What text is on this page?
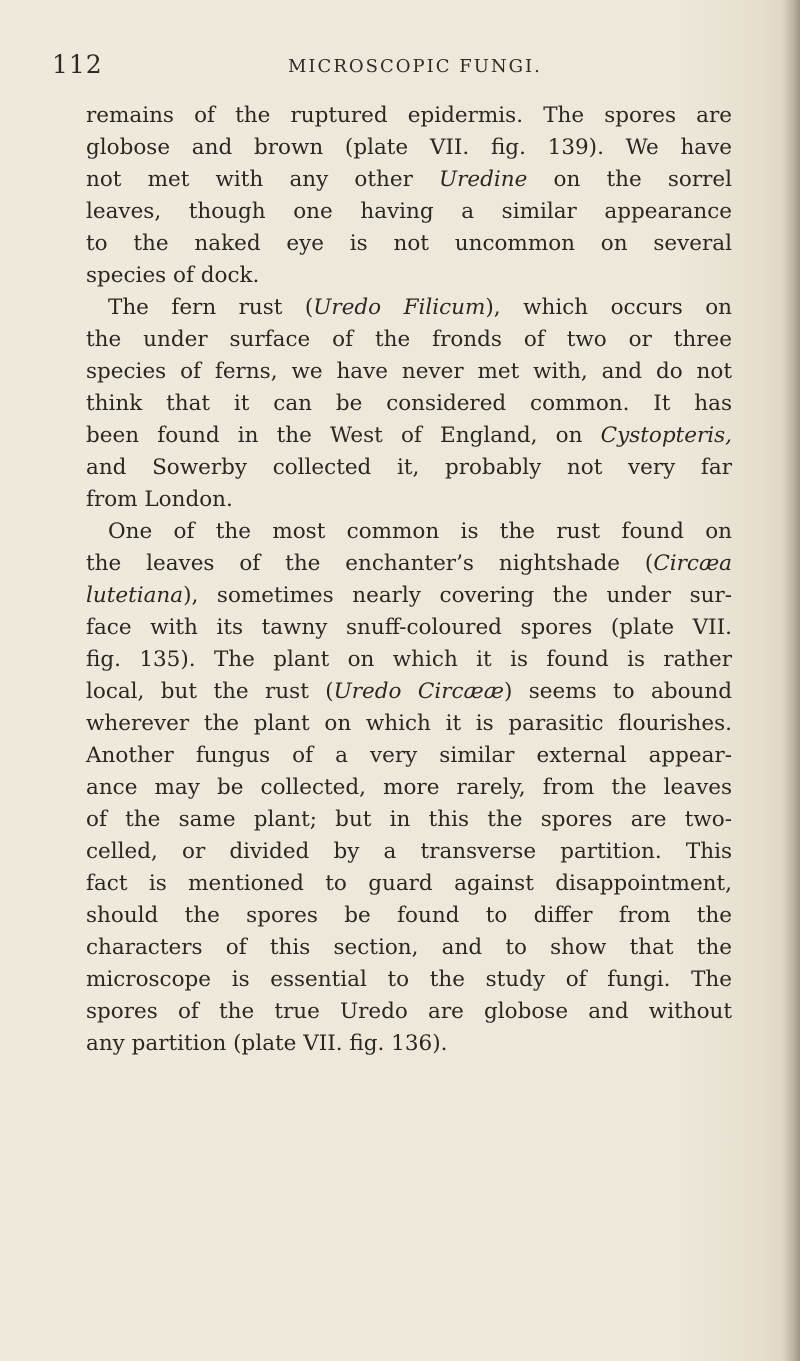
112	MICROSCOPIC FUNGI.
remains of the ruptured epidermis. The spores are
globose and brown (plate VII. fig. 139). We have
not met with any other Uredine on the sorrel
leaves, though one having a similar appearance
to the naked eye is not uncommon on several
species of dock.
The fern rust (Uredo Filicum), which occurs on
the under surface of the fronds of two or three
species of ferns, we have never met with, and do not
think that it can be considered common. It has
been found in the West of England, on Cystopteris,
and Sowerby collected it, probably not very far
from London.
One of the most common is the rust found on
the leaves of the enchanter’s nightshade (Circæa
lutetiana), sometimes nearly covering the under sur-
face with its tawny snuff-coloured spores (plate VII.
fig. 135). The plant on which it is found is rather
local, but the rust (Uredo Circææ) seems to abound
wherever the plant on which it is parasitic flourishes.
Another fungus of a very similar external appear-
ance may be collected, more rarely, from the leaves
of the same plant; but in this the spores are two-
celled, or divided by a transverse partition. This
fact is mentioned to guard against disappointment,
should the spores be found to differ from the
characters of this section, and to show that the
microscope is essential to the study of fungi. The
spores of the true Uredo are globose and without
any partition (plate VII. fig. 136).
